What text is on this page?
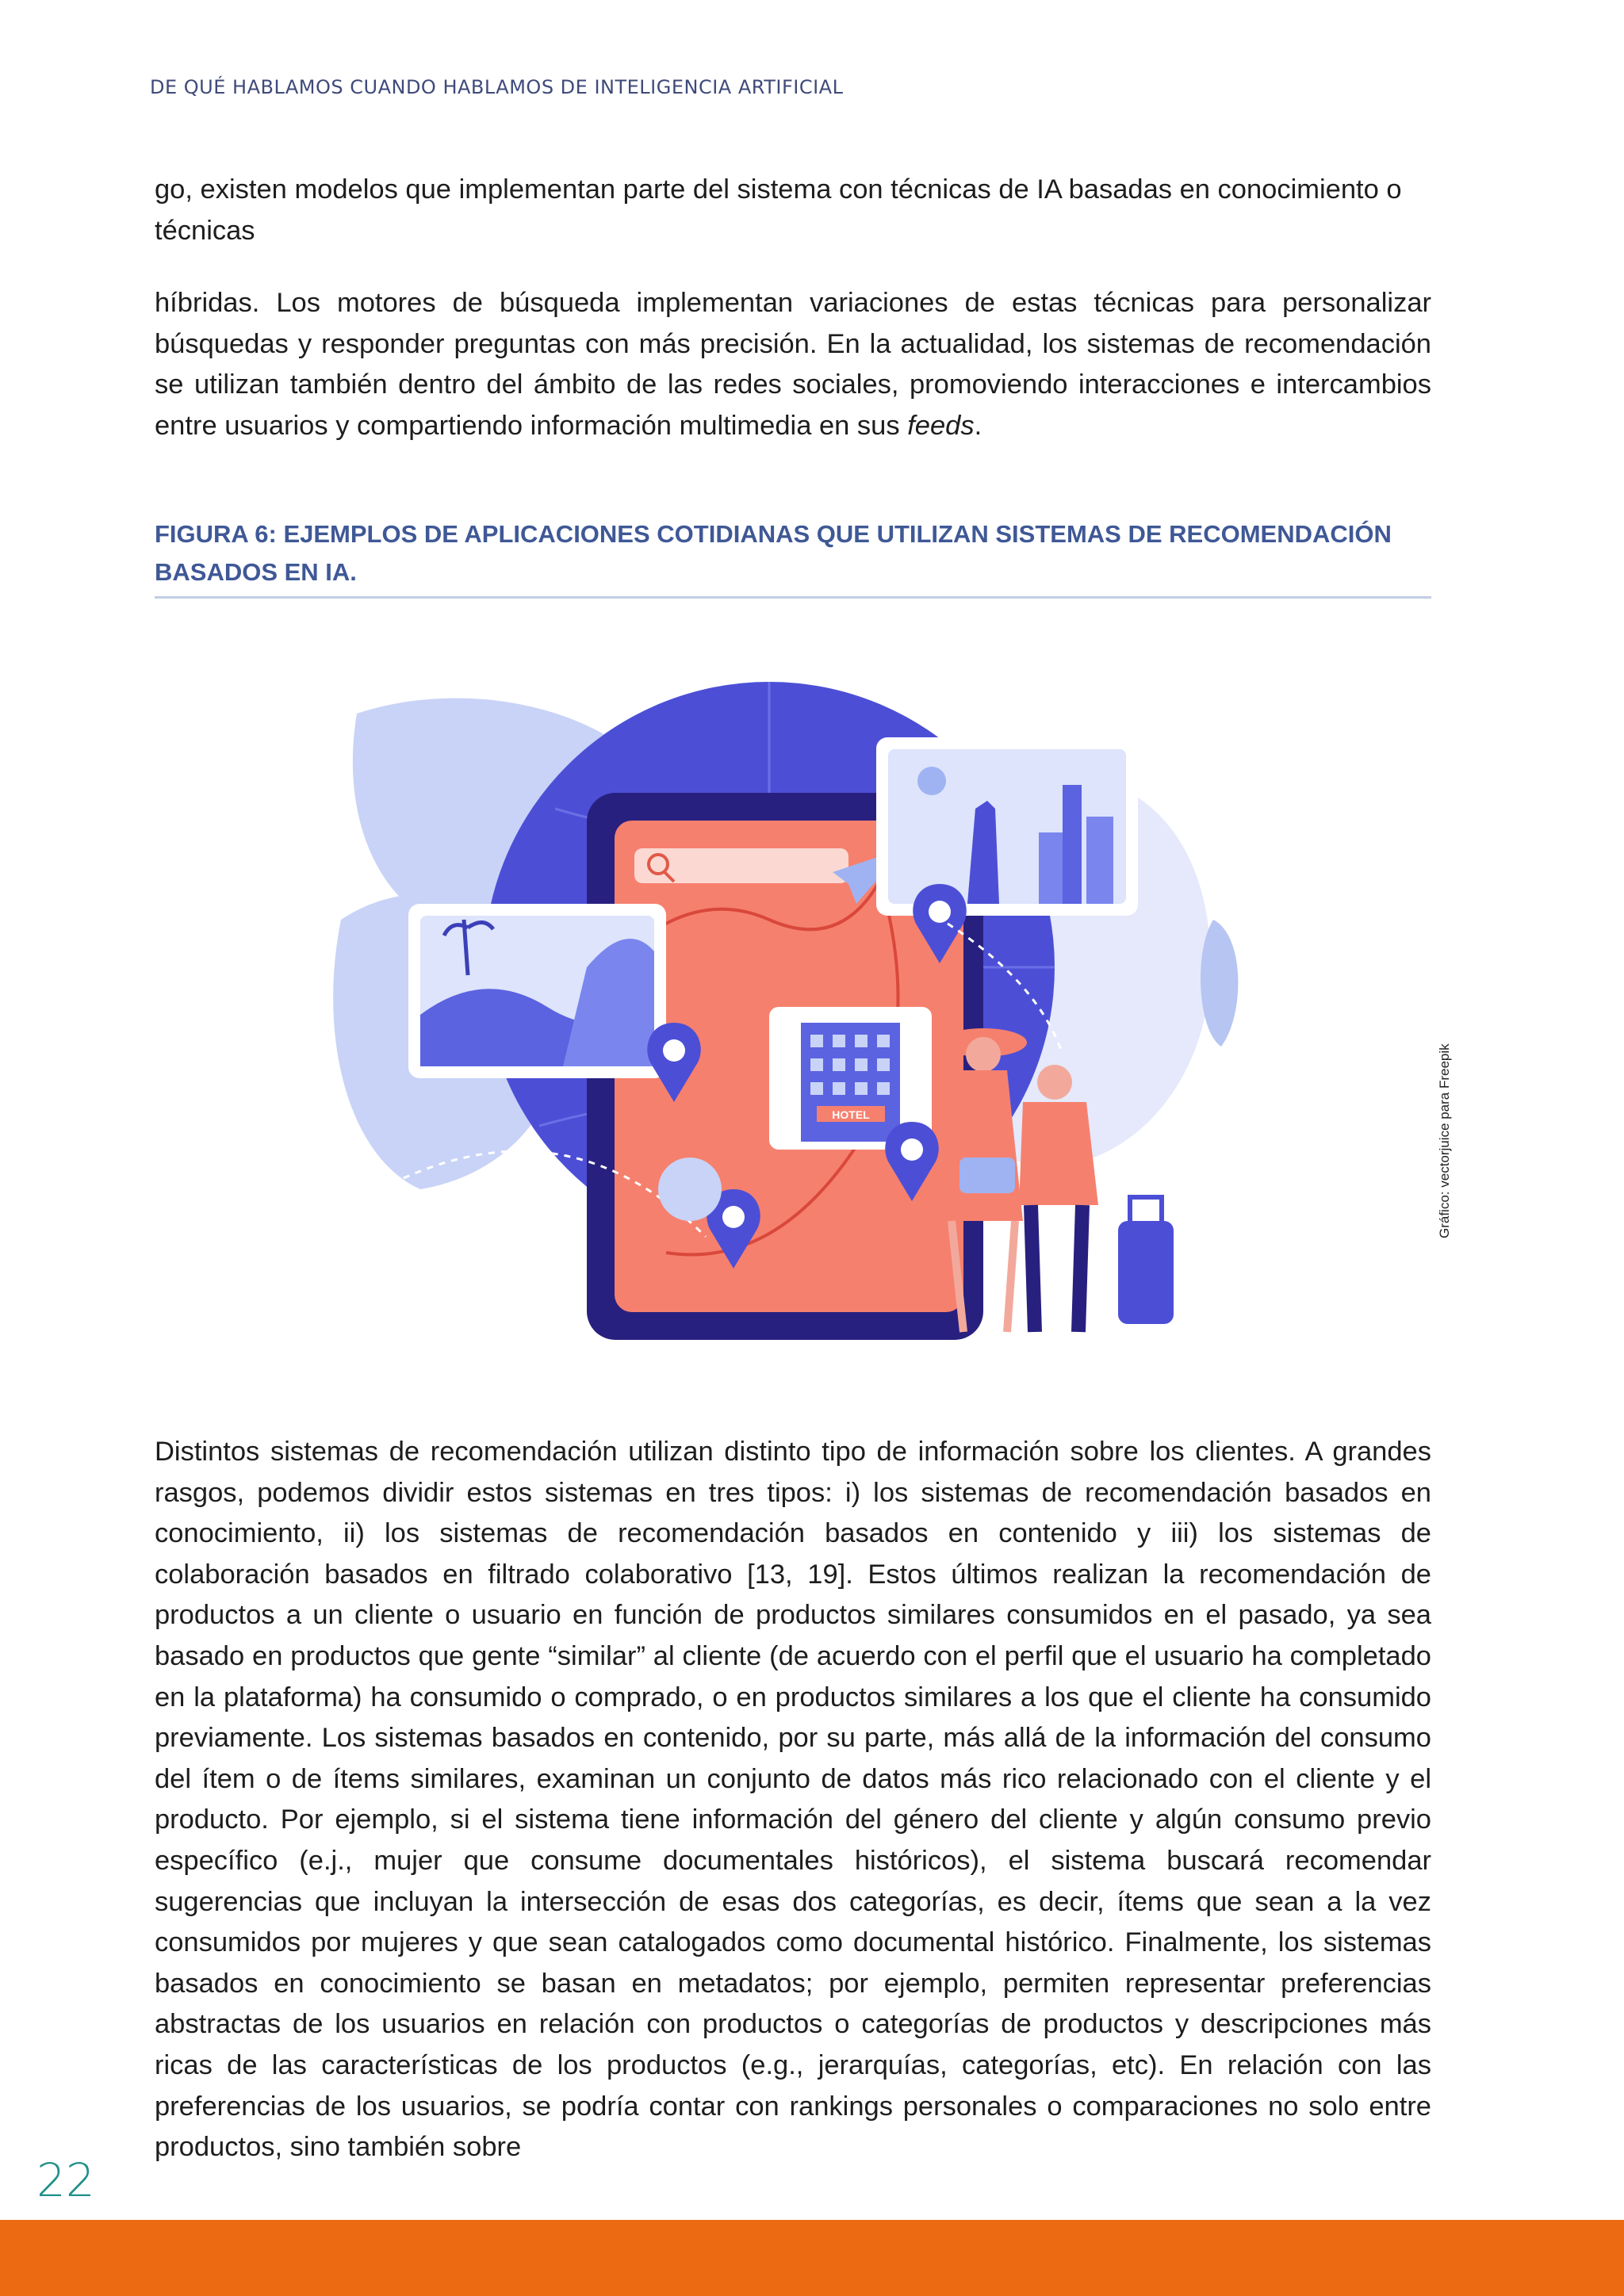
DE QUÉ HABLAMOS CUANDO HABLAMOS DE INTELIGENCIA ARTIFICIAL

go, existen modelos que implementan parte del sistema con técnicas de IA basadas en conocimiento o técnicas

híbridas. Los motores de búsqueda implementan variaciones de estas técnicas para personalizar búsquedas y responder preguntas con más precisión. En la actualidad, los sistemas de recomendación se utilizan también dentro del ámbito de las redes sociales, promoviendo interacciones e intercambios entre usuarios y compartiendo información multimedia en sus feeds.

FIGURA 6: EJEMPLOS DE APLICACIONES COTIDIANAS QUE UTILIZAN SISTEMAS DE RECOMENDACIÓN BASADOS EN IA.
HOTEL	Gráfico: vectorjuice para Freepik

Distintos sistemas de recomendación utilizan distinto tipo de información sobre los clientes. A grandes rasgos, podemos dividir estos sistemas en tres tipos: i) los sistemas de recomendación basados en conocimiento, ii) los sistemas de recomendación basados en contenido y iii) los sistemas de colaboración basados en filtrado colaborativo [13, 19]. Estos últimos realizan la recomendación de productos a un cliente o usuario en función de productos similares consumidos en el pasado, ya sea basado en productos que gente “similar” al cliente (de acuerdo con el perfil que el usuario ha completado en la plataforma) ha consumido o comprado, o en productos similares a los que el cliente ha consumido previamente. Los sistemas basados en contenido, por su parte, más allá de la información del consumo del ítem o de ítems similares, examinan un conjunto de datos más rico relacionado con el cliente y el producto. Por ejemplo, si el sistema tiene información del género del cliente y algún consumo previo específico (e.j., mujer que consume documentales históricos), el sistema buscará recomendar sugerencias que incluyan la intersección de esas dos categorías, es decir, ítems que sean a la vez consumidos por mujeres y que sean catalogados como documental histórico. Finalmente, los sistemas basados en conocimiento se basan en metadatos; por ejemplo, permiten representar preferencias abstractas de los usuarios en relación con productos o categorías de productos y descripciones más ricas de las características de los productos (e.g., jerarquías, categorías, etc). En relación con las preferencias de los usuarios, se podría contar con rankings personales o comparaciones no solo entre productos, sino también sobre

22
